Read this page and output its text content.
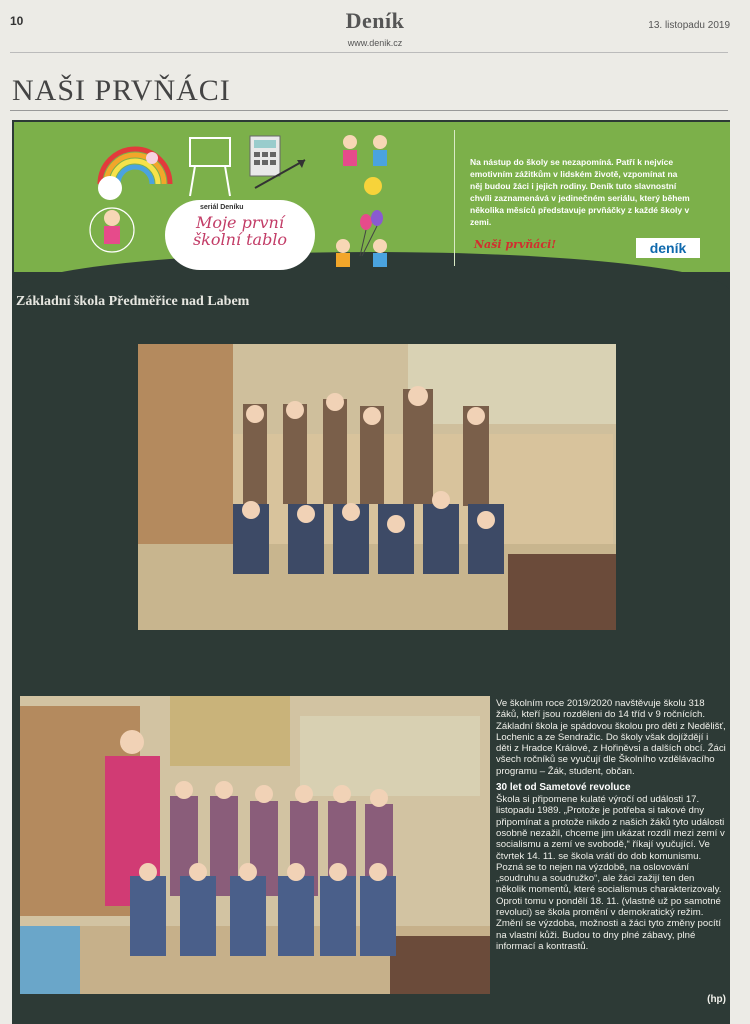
10	Deník
www.denik.cz
13. listopadu 2019
NAŠI PRVŇÁCI
seriál Deníku
Moje první školní tablo
Na nástup do školy se nezapomíná. Patří k nejvíce emotivním zážitkům v lidském životě, vzpomínat na něj budou žáci i jejich rodiny. Deník tuto slavnostní chvíli zaznamenává v jedinečném seriálu, který během několika měsíců představuje prvňáčky z každé školy v zemi.
Naši prvňáci!	deník
Základní škola Předměřice nad Labem

Ve školním roce 2019/2020 navštěvuje školu 318 žáků, kteří jsou rozděleni do 14 tříd v 9 ročnících. Základní škola je spádovou školou pro děti z Nedělišť, Lochenic a ze Sendražic. Do školy však dojíždějí i děti z Hradce Králové, z Hořiněvsi a dalších obcí. Žáci všech ročníků se vyučují dle Školního vzdělávacího programu – Žák, student, občan.

30 let od Sametové revoluce

Škola si připomene kulaté výročí od události 17. listopadu 1989. „Protože je potřeba si takové dny připomínat a protože nikdo z našich žáků tyto události osobně nezažil, chceme jim ukázat rozdíl mezi zemí v socialismu a zemí ve svobodě,“ říkají vyučující. Ve čtvrtek 14. 11. se škola vrátí do dob komunismu. Pozná se to nejen na výzdobě, na oslovování „soudruhu a soudružko“, ale žáci zažijí ten den několik momentů, které socialismus charakterizovaly. Oproti tomu v pondělí 18. 11. (vlastně už po samotné revoluci) se škola promění v demokratický režim. Změní se výzdoba, možnosti a žáci tyto změny pocítí na vlastní kůži. Budou to dny plné zábavy, plné informací a kontrastů.

(hp)
